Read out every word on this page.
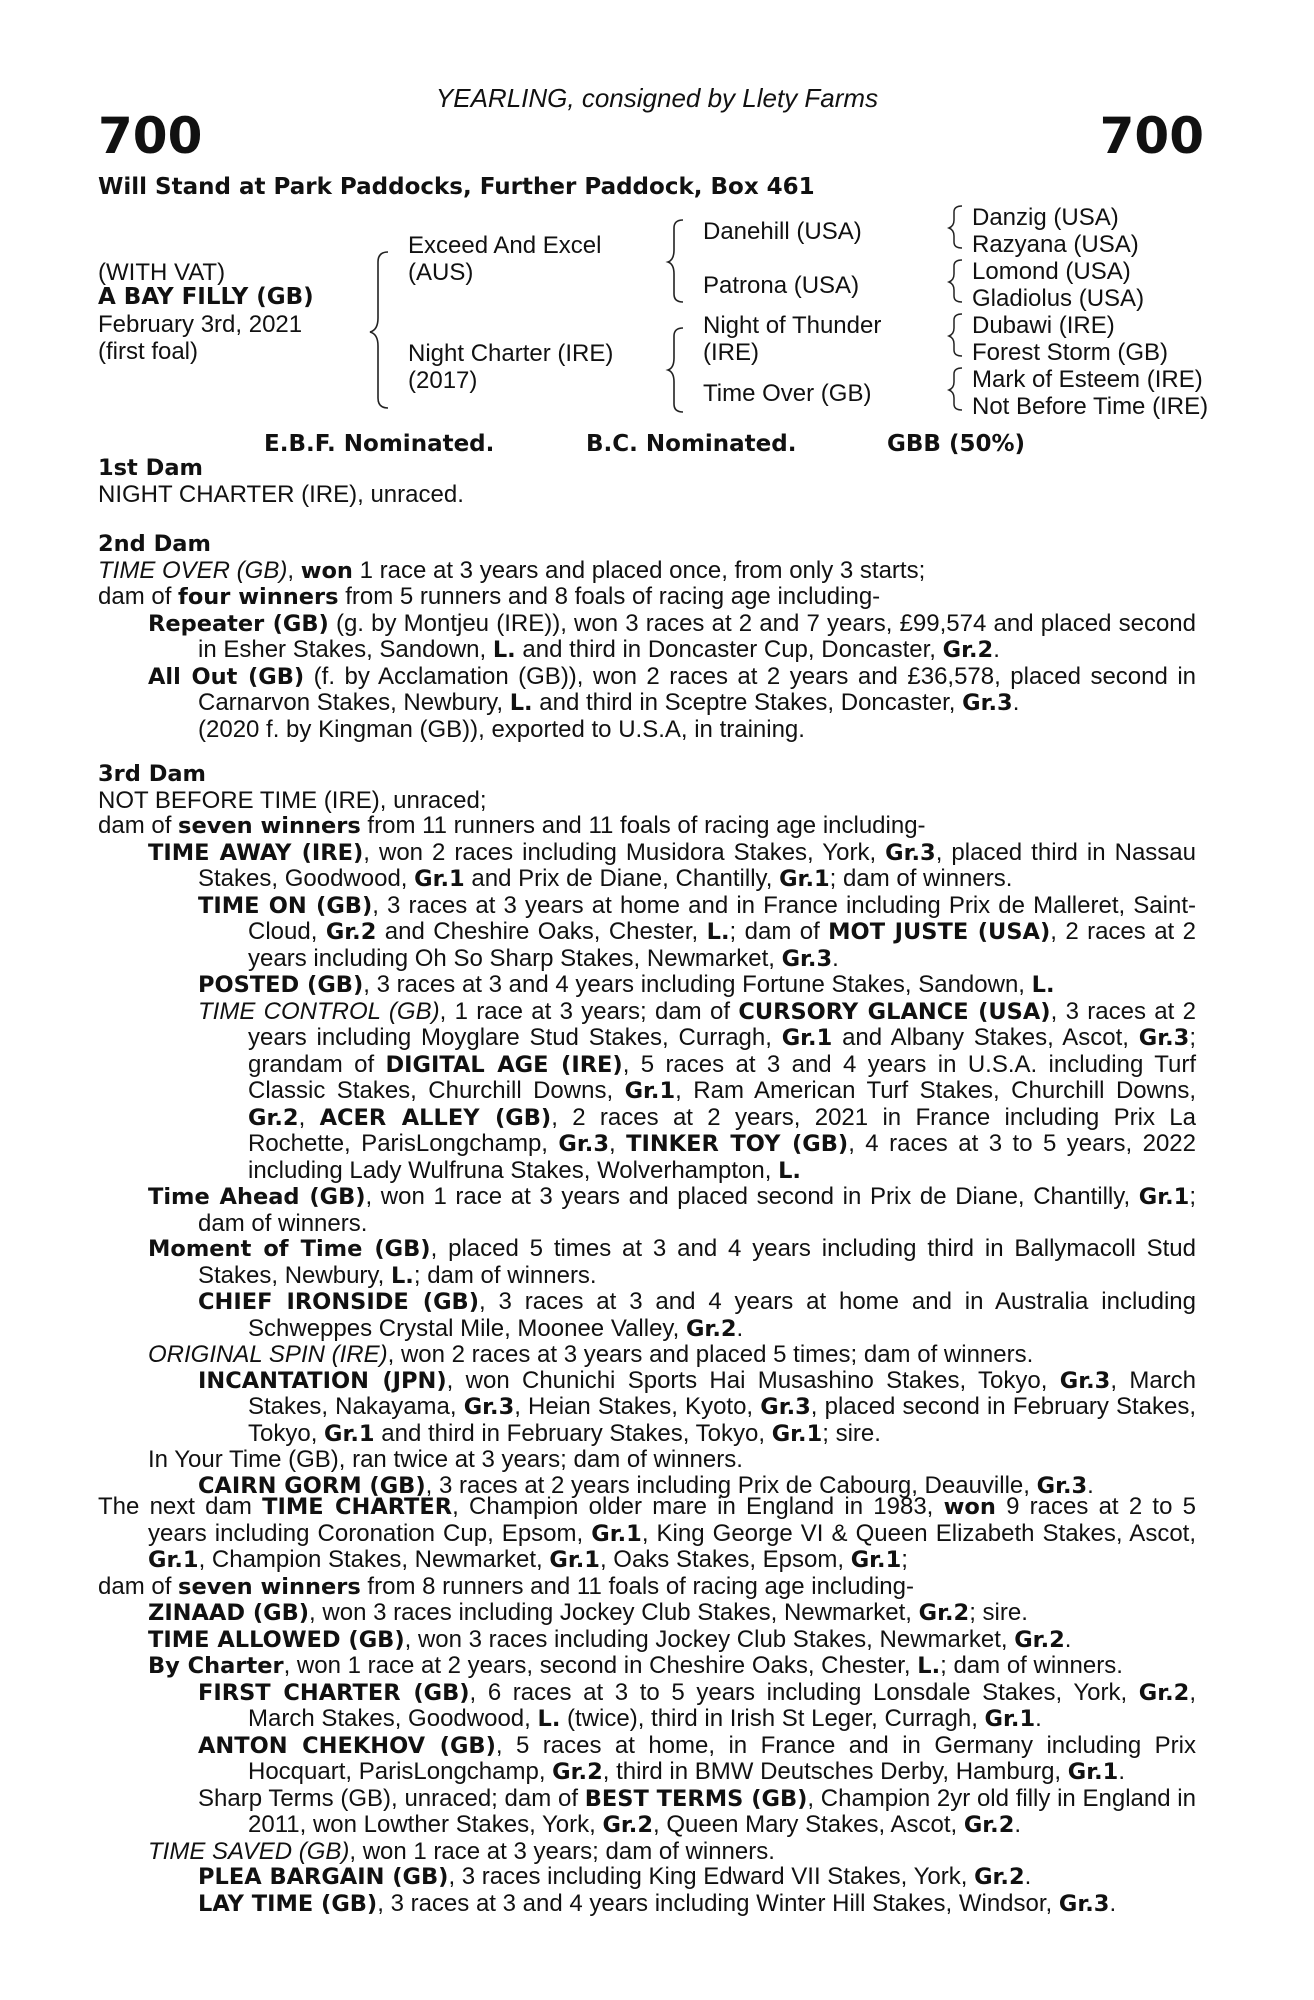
YEARLING, consigned by Llety Farms
700	700
Will Stand at Park Paddocks, Further Paddock, Box 461
(WITH VAT)
A BAY FILLY (GB)
February 3rd, 2021
(first foal)
Exceed And Excel
(AUS)
Night Charter (IRE)
(2017)
Danehill (USA)
Patrona (USA)
Night of Thunder
(IRE)
Time Over (GB)
Danzig (USA)
Razyana (USA)
Lomond (USA)
Gladiolus (USA)
Dubawi (IRE)
Forest Storm (GB)
Mark of Esteem (IRE)
Not Before Time (IRE)
E.B.F. Nominated.	B.C. Nominated.	GBB (50%)
1st Dam
NIGHT CHARTER (IRE), unraced.
2nd Dam

TIME OVER (GB), won 1 race at 3 years and placed once, from only 3 starts;

dam of four winners from 5 runners and 8 foals of racing age including-

Repeater (GB) (g. by Montjeu (IRE)), won 3 races at 2 and 7 years, £99,574 and placed second in Esher Stakes, Sandown, L. and third in Doncaster Cup, Doncaster, Gr.2.

All Out (GB) (f. by Acclamation (GB)), won 2 races at 2 years and £36,578, placed second in Carnarvon Stakes, Newbury, L. and third in Sceptre Stakes, Doncaster, Gr.3.

(2020 f. by Kingman (GB)), exported to U.S.A, in training.

3rd Dam

NOT BEFORE TIME (IRE), unraced;

dam of seven winners from 11 runners and 11 foals of racing age including-

TIME AWAY (IRE), won 2 races including Musidora Stakes, York, Gr.3, placed third in Nassau Stakes, Goodwood, Gr.1 and Prix de Diane, Chantilly, Gr.1; dam of winners.

TIME ON (GB), 3 races at 3 years at home and in France including Prix de Malleret, Saint-Cloud, Gr.2 and Cheshire Oaks, Chester, L.; dam of MOT JUSTE (USA), 2 races at 2 years including Oh So Sharp Stakes, Newmarket, Gr.3.

POSTED (GB), 3 races at 3 and 4 years including Fortune Stakes, Sandown, L.

TIME CONTROL (GB), 1 race at 3 years; dam of CURSORY GLANCE (USA), 3 races at 2 years including Moyglare Stud Stakes, Curragh, Gr.1 and Albany Stakes, Ascot, Gr.3; grandam of DIGITAL AGE (IRE), 5 races at 3 and 4 years in U.S.A. including Turf Classic Stakes, Churchill Downs, Gr.1, Ram American Turf Stakes, Churchill Downs, Gr.2, ACER ALLEY (GB), 2 races at 2 years, 2021 in France including Prix La Rochette, ParisLongchamp, Gr.3, TINKER TOY (GB), 4 races at 3 to 5 years, 2022 including Lady Wulfruna Stakes, Wolverhampton, L.

Time Ahead (GB), won 1 race at 3 years and placed second in Prix de Diane, Chantilly, Gr.1; dam of winners.

Moment of Time (GB), placed 5 times at 3 and 4 years including third in Ballymacoll Stud Stakes, Newbury, L.; dam of winners.

CHIEF IRONSIDE (GB), 3 races at 3 and 4 years at home and in Australia including Schweppes Crystal Mile, Moonee Valley, Gr.2.

ORIGINAL SPIN (IRE), won 2 races at 3 years and placed 5 times; dam of winners.

INCANTATION (JPN), won Chunichi Sports Hai Musashino Stakes, Tokyo, Gr.3, March Stakes, Nakayama, Gr.3, Heian Stakes, Kyoto, Gr.3, placed second in February Stakes, Tokyo, Gr.1 and third in February Stakes, Tokyo, Gr.1; sire.

In Your Time (GB), ran twice at 3 years; dam of winners.

CAIRN GORM (GB), 3 races at 2 years including Prix de Cabourg, Deauville, Gr.3.

The next dam TIME CHARTER, Champion older mare in England in 1983, won 9 races at 2 to 5 years including Coronation Cup, Epsom, Gr.1, King George VI & Queen Elizabeth Stakes, Ascot, Gr.1, Champion Stakes, Newmarket, Gr.1, Oaks Stakes, Epsom, Gr.1;

dam of seven winners from 8 runners and 11 foals of racing age including-

ZINAAD (GB), won 3 races including Jockey Club Stakes, Newmarket, Gr.2; sire.

TIME ALLOWED (GB), won 3 races including Jockey Club Stakes, Newmarket, Gr.2.

By Charter, won 1 race at 2 years, second in Cheshire Oaks, Chester, L.; dam of winners.

FIRST CHARTER (GB), 6 races at 3 to 5 years including Lonsdale Stakes, York, Gr.2, March Stakes, Goodwood, L. (twice), third in Irish St Leger, Curragh, Gr.1.

ANTON CHEKHOV (GB), 5 races at home, in France and in Germany including Prix Hocquart, ParisLongchamp, Gr.2, third in BMW Deutsches Derby, Hamburg, Gr.1.

Sharp Terms (GB), unraced; dam of BEST TERMS (GB), Champion 2yr old filly in England in 2011, won Lowther Stakes, York, Gr.2, Queen Mary Stakes, Ascot, Gr.2.

TIME SAVED (GB), won 1 race at 3 years; dam of winners.

PLEA BARGAIN (GB), 3 races including King Edward VII Stakes, York, Gr.2.

LAY TIME (GB), 3 races at 3 and 4 years including Winter Hill Stakes, Windsor, Gr.3.
